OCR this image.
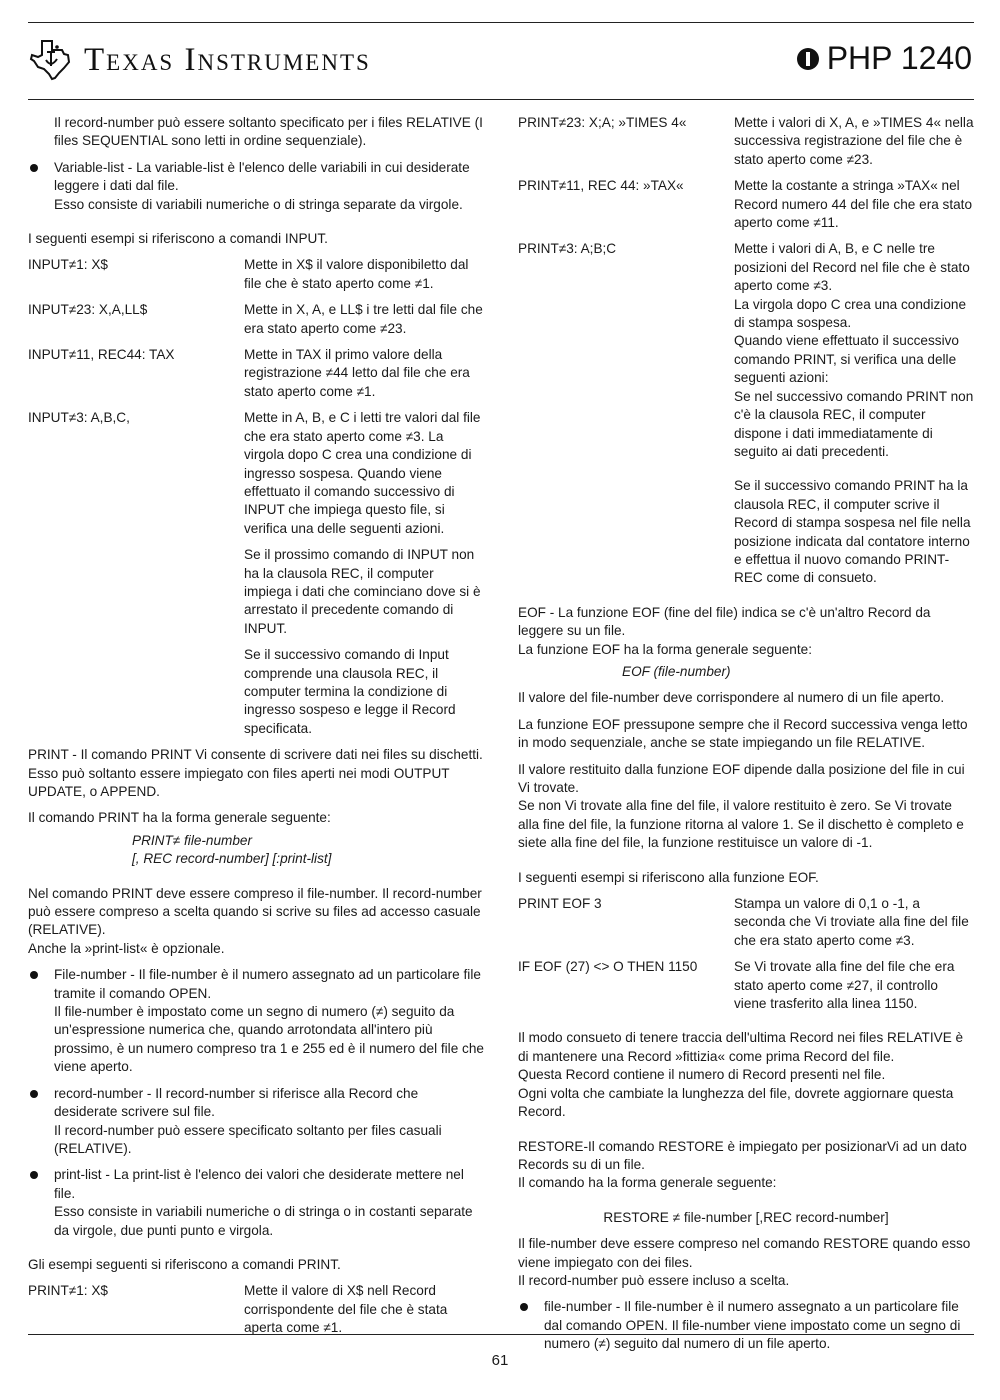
Texas Instruments	PHP 1240

Il record-number può essere soltanto specificato per i files RELATIVE (I files SEQUENTIAL sono letti in ordine sequenziale).

Variable-list - La variable-list è l'elenco delle variabili in cui desiderate leggere i dati dal file.

Esso consiste di variabili numeriche o di stringa separate da virgole.

I seguenti esempi si riferiscono a comandi INPUT.

INPUT≠1: X$	Mette in X$ il valore disponibiletto dal file che è stato aperto come ≠1.
INPUT≠23: X,A,LL$	Mette in X, A, e LL$ i tre letti dal file che era stato aperto come ≠23.
INPUT≠11, REC44: TAX	Mette in TAX il primo valore della registrazione ≠44 letto dal file che era stato aperto come ≠1.
INPUT≠3: A,B,C,	Mette in A, B, e C i letti tre valori dal file che era stato aperto come ≠3. La virgola dopo C crea una condizione di ingresso sospesa. Quando viene effettuato il comando successivo di INPUT che impiega questo file, si verifica una delle seguenti azioni.

Se il prossimo comando di INPUT non ha la clausola REC, il computer impiega i dati che cominciano dove si è arrestato il precedente comando di INPUT.

Se il successivo comando di Input comprende una clausola REC, il computer termina la condizione di ingresso sospeso e legge il Record specificata.

PRINT - Il comando PRINT Vi consente di scrivere dati nei files su dischetti.

Esso può soltanto essere impiegato con files aperti nei modi OUTPUT UPDATE, o APPEND.

Il comando PRINT ha la forma generale seguente:

PRINT≠ file-number

[, REC record-number] [:print-list]

Nel comando PRINT deve essere compreso il file-number. Il record-number può essere compreso a scelta quando si scrive su files ad accesso casuale (RELATIVE).

Anche la »print-list« è opzionale.

File-number - Il file-number è il numero assegnato ad un particolare file tramite il comando OPEN.

Il file-number è impostato come un segno di numero (≠) seguito da un'espressione numerica che, quando arrotondata all'intero più prossimo, è un numero compreso tra 1 e 255 ed è il numero del file che viene aperto.

record-number - Il record-number si riferisce alla Record che desiderate scrivere sul file.

Il record-number può essere specificato soltanto per files casuali (RELATIVE).

print-list - La print-list è l'elenco dei valori che desiderate mettere nel file.

Esso consiste in variabili numeriche o di stringa o in costanti separate da virgole, due punti punto e virgola.

Gli esempi seguenti si riferiscono a comandi PRINT.

PRINT≠1: X$	Mette il valore di X$ nell Record corrispondente del file che è stata aperta come ≠1.
PRINT≠23: X;A; »TIMES 4«	Mette i valori di X, A, e »TIMES 4« nella successiva registrazione del file che è stato aperto come ≠23.
PRINT≠11, REC 44: »TAX«	Mette la costante a stringa »TAX« nel Record numero 44 del file che era stato aperto come ≠11.
PRINT≠3: A;B;C	Mette i valori di A, B, e C nelle tre posizioni del Record nel file che è stato aperto come ≠3.

La virgola dopo C crea una condizione di stampa sospesa.

Quando viene effettuato il successivo comando PRINT, si verifica una delle seguenti azioni:

Se nel successivo comando PRINT non c'è la clausola REC, il computer dispone i dati immediatamente di seguito ai dati precedenti.

Se il successivo comando PRINT ha la clausola REC, il computer scrive il Record di stampa sospesa nel file nella posizione indicata dal contatore interno e effettua il nuovo comando PRINT-REC come di consueto.

EOF - La funzione EOF (fine del file) indica se c'è un'altro Record da leggere su un file.

La funzione EOF ha la forma generale seguente:

EOF (file-number)

Il valore del file-number deve corrispondere al numero di un file aperto.

La funzione EOF pressupone sempre che il Record successiva venga letto in modo sequenziale, anche se state impiegando un file RELATIVE.

Il valore restituito dalla funzione EOF dipende dalla posizione del file in cui Vi trovate.

Se non Vi trovate alla fine del file, il valore restituito è zero. Se Vi trovate alla fine del file, la funzione ritorna al valore 1. Se il dischetto è completo e siete alla fine del file, la funzione restituisce un valore di -1.

I seguenti esempi si riferiscono alla funzione EOF.

PRINT EOF 3	Stampa un valore di 0,1 o -1, a seconda che Vi troviate alla fine del file che era stato aperto come ≠3.
IF EOF (27) <> O THEN 1150	Se Vi trovate alla fine del file che era stato aperto come ≠27, il controllo viene trasferito alla linea 1150.

Il modo consueto di tenere traccia dell'ultima Record nei files RELATIVE è di mantenere una Record »fittizia« come prima Record del file.

Questa Record contiene il numero di Record presenti nel file.

Ogni volta che cambiate la lunghezza del file, dovrete aggiornare questa Record.

RESTORE-Il comando RESTORE è impiegato per posizionarVi ad un dato Records su di un file.

Il comando ha la forma generale seguente:

RESTORE ≠ file-number [,REC record-number]

Il file-number deve essere compreso nel comando RESTORE quando esso viene impiegato con dei files.

Il record-number può essere incluso a scelta.

file-number - Il file-number è il numero assegnato a un particolare file dal comando OPEN. Il file-number viene impostato come un segno di numero (≠) seguito dal numero di un file aperto.

61
